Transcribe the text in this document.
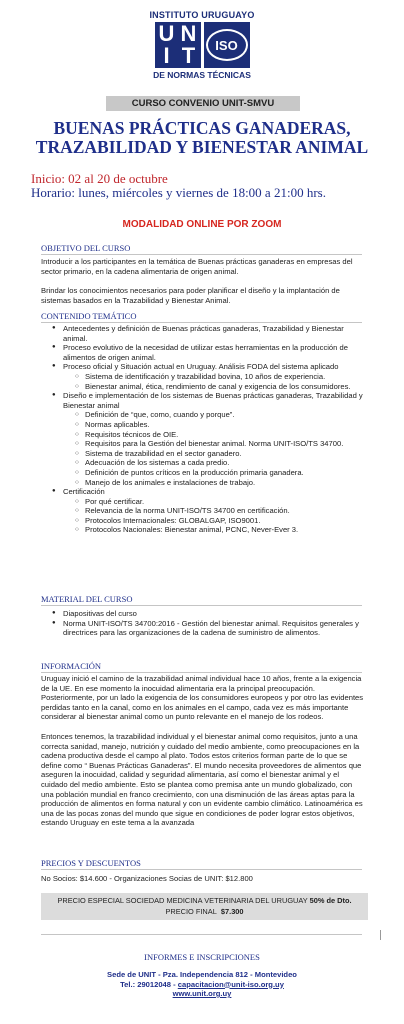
INSTITUTO URUGUAYO
U N
I T	ISO
DE NORMAS TÉCNICAS
CURSO CONVENIO UNIT-SMVU
BUENAS PRÁCTICAS GANADERAS,
TRAZABILIDAD Y BIENESTAR ANIMAL
Inicio: 02 al 20 de octubre
Horario: lunes, miércoles y viernes de 18:00 a 21:00 hrs.
MODALIDAD ONLINE POR ZOOM
OBJETIVO DEL CURSO
Introducir a los participantes en la temática de Buenas prácticas ganaderas en empresas del sector primario, en la cadena alimentaria de origen animal.
Brindar los conocimientos necesarios para poder planificar el diseño y la implantación de sistemas basados en la Trazabilidad y Bienestar Animal.
CONTENIDO TEMÁTICO
● Antecedentes y definición de Buenas prácticas ganaderas, Trazabilidad y Bienestar animal.
● Proceso evolutivo de la necesidad de utilizar estas herramientas en la producción de alimentos de origen animal.
● Proceso oficial y Situación actual en Uruguay. Análisis FODA del sistema aplicado
○ Sistema de identificación y trazabilidad bovina, 10 años de experiencia.
○ Bienestar animal, ética, rendimiento de canal y exigencia de los consumidores.
● Diseño e implementación de los sistemas de Buenas prácticas ganaderas, Trazabilidad y Bienestar animal
○ Definición de “que, como, cuando y porque”.
○ Normas aplicables.
○ Requisitos técnicos de OIE.
○ Requisitos para la Gestión del bienestar animal. Norma UNIT-ISO/TS 34700.
○ Sistema de trazabilidad en el sector ganadero.
○ Adecuación de los sistemas a cada predio.
○ Definición de puntos críticos en la producción primaria ganadera.
○ Manejo de los animales e instalaciones de trabajo.
● Certificación
○ Por qué certificar.
○ Relevancia de la norma UNIT-ISO/TS 34700 en certificación.
○ Protocolos Internacionales: GLOBALGAP, ISO9001.
○ Protocolos Nacionales: Bienestar animal, PCNC, Never-Ever 3.
MATERIAL DEL CURSO
● Diapositivas del curso
● Norma UNIT-ISO/TS 34700:2016 - Gestión del bienestar animal. Requisitos generales y directrices para las organizaciones de la cadena de suministro de alimentos.
INFORMACIÓN
Uruguay inició el camino de la trazabilidad animal individual hace 10 años, frente a la exigencia de la UE. En ese momento la inocuidad alimentaria era la principal preocupación. Posteriormente, por un lado la exigencia de los consumidores europeos y por otro las evidentes perdidas tanto en la canal, como en los animales en el campo, cada vez es más importante considerar al bienestar animal como un punto relevante en el manejo de los rodeos.
Entonces tenemos, la trazabilidad individual y el bienestar animal como requisitos, junto a una correcta sanidad, manejo, nutrición y cuidado del medio ambiente, como preocupaciones en la cadena productiva desde el campo al plato. Todos estos criterios forman parte de lo que se define como “ Buenas Prácticas Ganaderas”. El mundo necesita proveedores de alimentos que aseguren la inocuidad, calidad y seguridad alimentaria, así como el bienestar animal y el cuidado del medio ambiente. Esto se plantea como premisa ante un mundo globalizado, con una población mundial en franco crecimiento, con una disminución de las áreas aptas para la producción de alimentos en forma natural y con un evidente cambio climático. Latinoamérica es una de las pocas zonas del mundo que sigue en condiciones de poder lograr estos objetivos, estando Uruguay en este tema a la avanzada
PRECIOS Y DESCUENTOS
No Socios: $14.600 - Organizaciones Socias de UNIT: $12.800
PRECIO ESPECIAL SOCIEDAD MEDICINA VETERINARIA DEL URUGUAY 50% de Dto.
PRECIO FINAL $7.300
INFORMES E INSCRIPCIONES
Sede de UNIT - Pza. Independencia 812 - Montevideo
Tel.: 29012048 - capacitacion@unit-iso.org.uy
www.unit.org.uy
